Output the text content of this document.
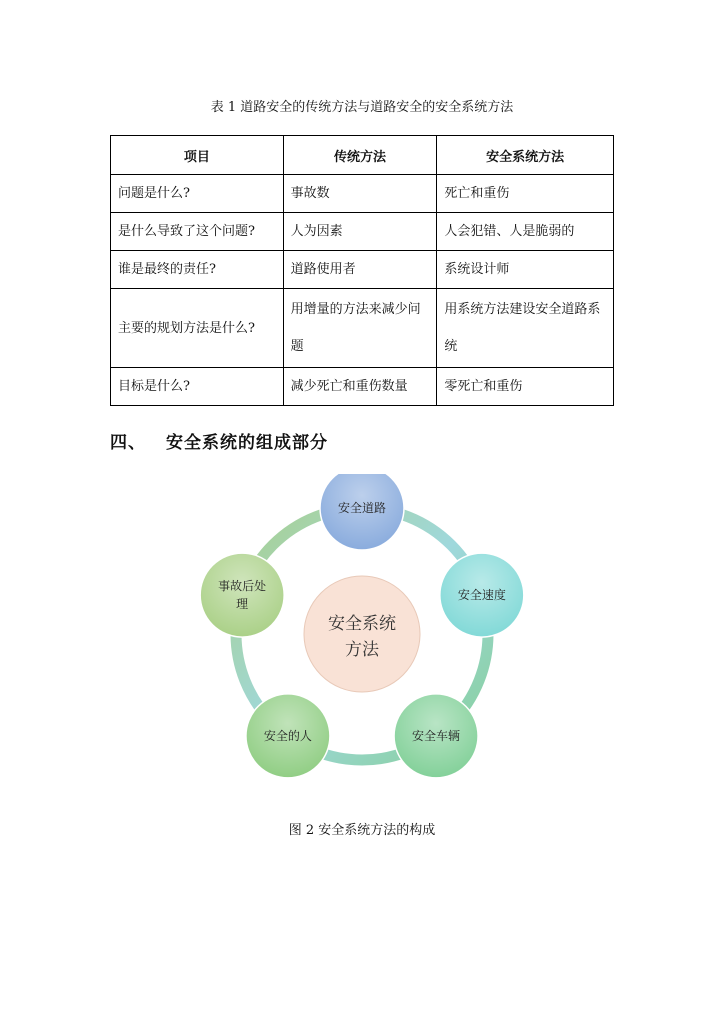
表 1 道路安全的传统方法与道路安全的安全系统方法
项目	传统方法	安全系统方法
问题是什么?	事故数	死亡和重伤
是什么导致了这个问题?	人为因素	人会犯错、人是脆弱的
谁是最终的责任?	道路使用者	系统设计师
主要的规划方法是什么?	用增量的方法来减少问题	用系统方法建设安全道路系统
目标是什么?	减少死亡和重伤数量	零死亡和重伤
四、 安全系统的组成部分
安全系统
方法
安全道路
安全速度
安全车辆
安全的人
事故后处
理
图 2 安全系统方法的构成
